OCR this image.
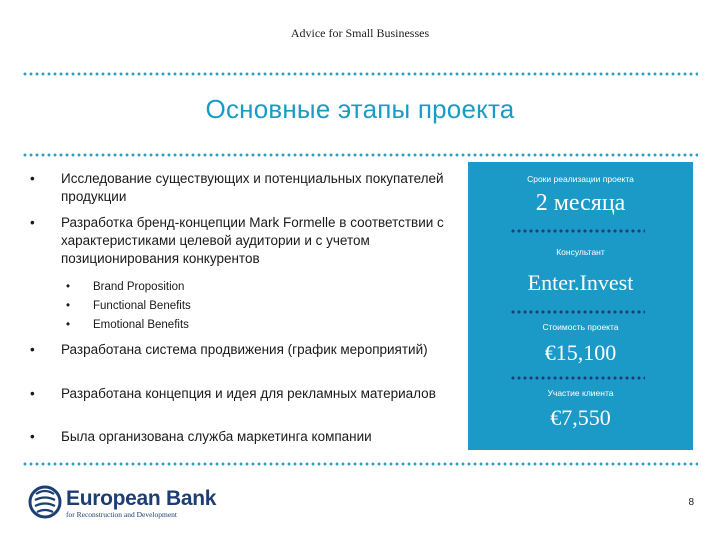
Advice for Small Businesses
Основные этапы проекта
•	Исследование существующих и потенциальных покупателей продукции
•	Разработка бренд-концепции Mark Formelle в соответствии с характеристиками целевой аудитории и с учетом позиционирования конкурентов
• Brand Proposition
• Functional Benefits
• Emotional Benefits
•	Разработана система продвижения (график мероприятий)
•	Разработана концепция и идея для рекламных материалов
•	Была организована служба маркетинга компании
Сроки реализации проекта
2 месяца
Консультант
Enter.Invest
Стоимость проекта
€15,100
Участие клиента
€7,550
European Bank
for Reconstruction and Development
8
